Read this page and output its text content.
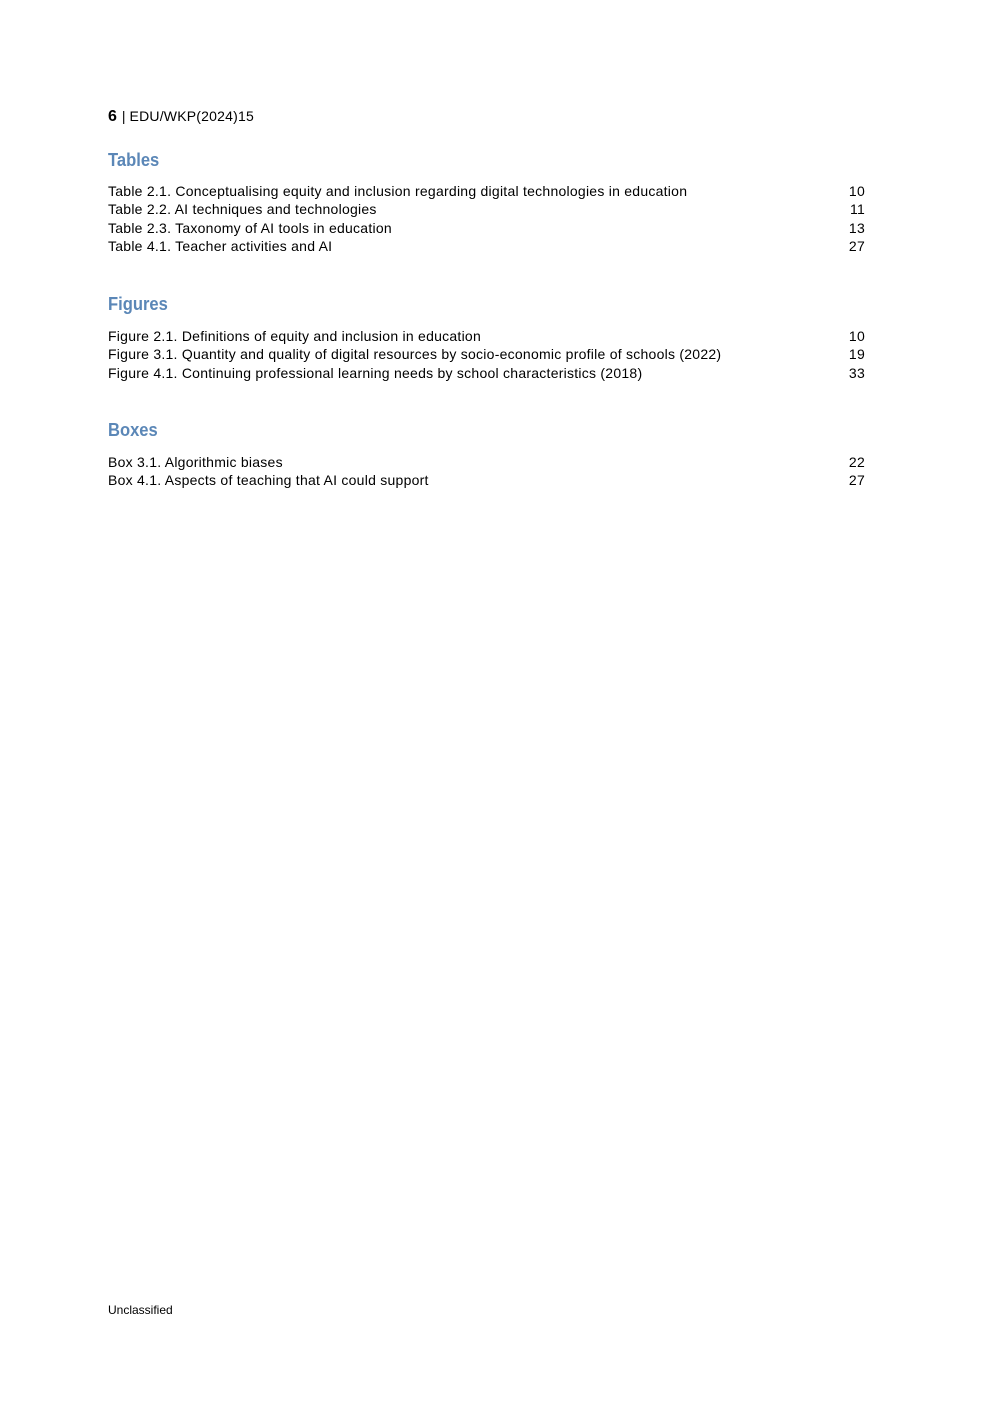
6 | EDU/WKP(2024)15
Tables
Table 2.1. Conceptualising equity and inclusion regarding digital technologies in education	10
Table 2.2. AI techniques and technologies	11
Table 2.3. Taxonomy of AI tools in education	13
Table 4.1. Teacher activities and AI	27
Figures
Figure 2.1. Definitions of equity and inclusion in education	10
Figure 3.1. Quantity and quality of digital resources by socio-economic profile of schools (2022)	19
Figure 4.1. Continuing professional learning needs by school characteristics (2018)	33
Boxes
Box 3.1. Algorithmic biases	22
Box 4.1. Aspects of teaching that AI could support	27
Unclassified
